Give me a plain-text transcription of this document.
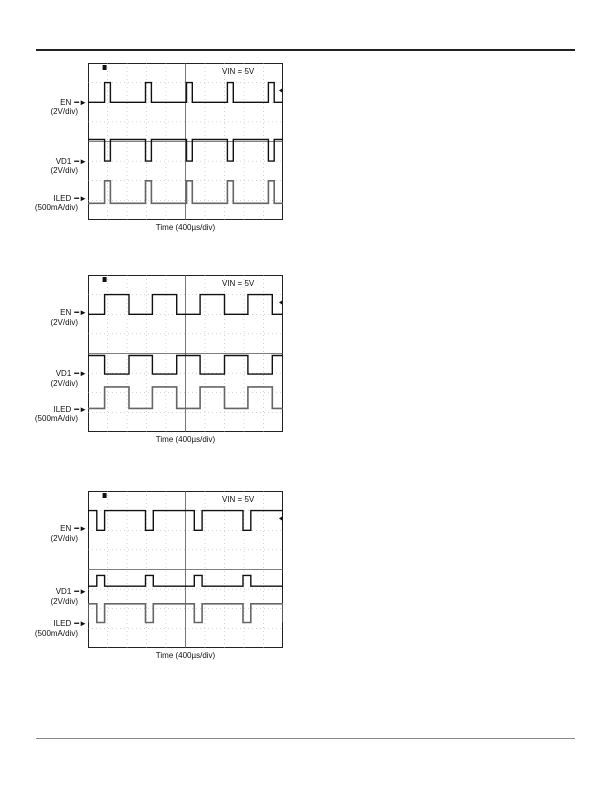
VIN = 5V
EN ━►
(2V/div)
VD1 ━►
(2V/div)
ILED ━►
(500mA/div)
Time (400µs/div)
VIN = 5V
EN ━►
(2V/div)
VD1 ━►
(2V/div)
ILED ━►
(500mA/div)
Time (400µs/div)
VIN = 5V
EN ━►
(2V/div)
VD1 ━►
(2V/div)
ILED ━►
(500mA/div)
Time (400µs/div)
